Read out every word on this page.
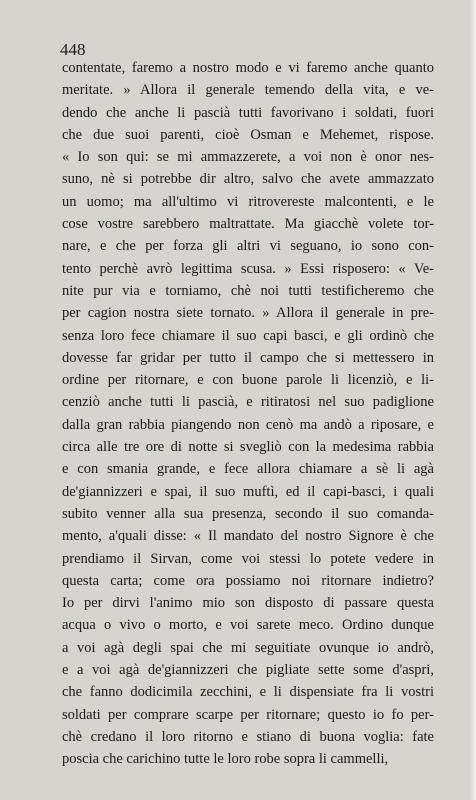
448
contentate, faremo a nostro modo e vi faremo anche quanto
meritate. » Allora il generale temendo della vita, e ve-
dendo che anche li pascià tutti favorivano i soldati, fuori
che due suoi parenti, cioè Osman e Mehemet, rispose.
« Io son qui: se mi ammazzerete, a voi non è onor nes-
suno, nè si potrebbe dir altro, salvo che avete ammazzato
un uomo; ma all'ultimo vi ritrovereste malcontenti, e le
cose vostre sarebbero maltrattate. Ma giacchè volete tor-
nare, e che per forza gli altri vi seguano, io sono con-
tento perchè avrò legittima scusa. » Essi risposero: « Ve-
nite pur via e torniamo, chè noi tutti testificheremo che
per cagion nostra siete tornato. » Allora il generale in pre-
senza loro fece chiamare il suo capi basci, e gli ordinò che
dovesse far gridar per tutto il campo che si mettessero in
ordine per ritornare, e con buone parole li licenziò, e li-
cenziò anche tutti li pascià, e ritiratosi nel suo padiglione
dalla gran rabbia piangendo non cenò ma andò a riposare, e
circa alle tre ore di notte si svegliò con la medesima rabbia
e con smania grande, e fece allora chiamare a sè li agà
de'giannizzeri e spai, il suo muftì, ed il capi-basci, i quali
subito venner alla sua presenza, secondo il suo comanda-
mento, a'quali disse: « Il mandato del nostro Signore è che
prendiamo il Sirvan, come voi stessi lo potete vedere in
questa carta; come ora possiamo noi ritornare indietro?
Io per dirvi l'animo mio son disposto di passare questa
acqua o vivo o morto, e voi sarete meco. Ordino dunque
a voi agà degli spai che mi seguitiate ovunque io andrò,
e a voi agà de'giannizzeri che pigliate sette some d'aspri,
che fanno dodicimila zecchini, e li dispensiate fra li vostri
soldati per comprare scarpe per ritornare; questo io fo per-
chè credano il loro ritorno e stiano di buona voglia: fate
poscia che carichino tutte le loro robe sopra li cammelli,
